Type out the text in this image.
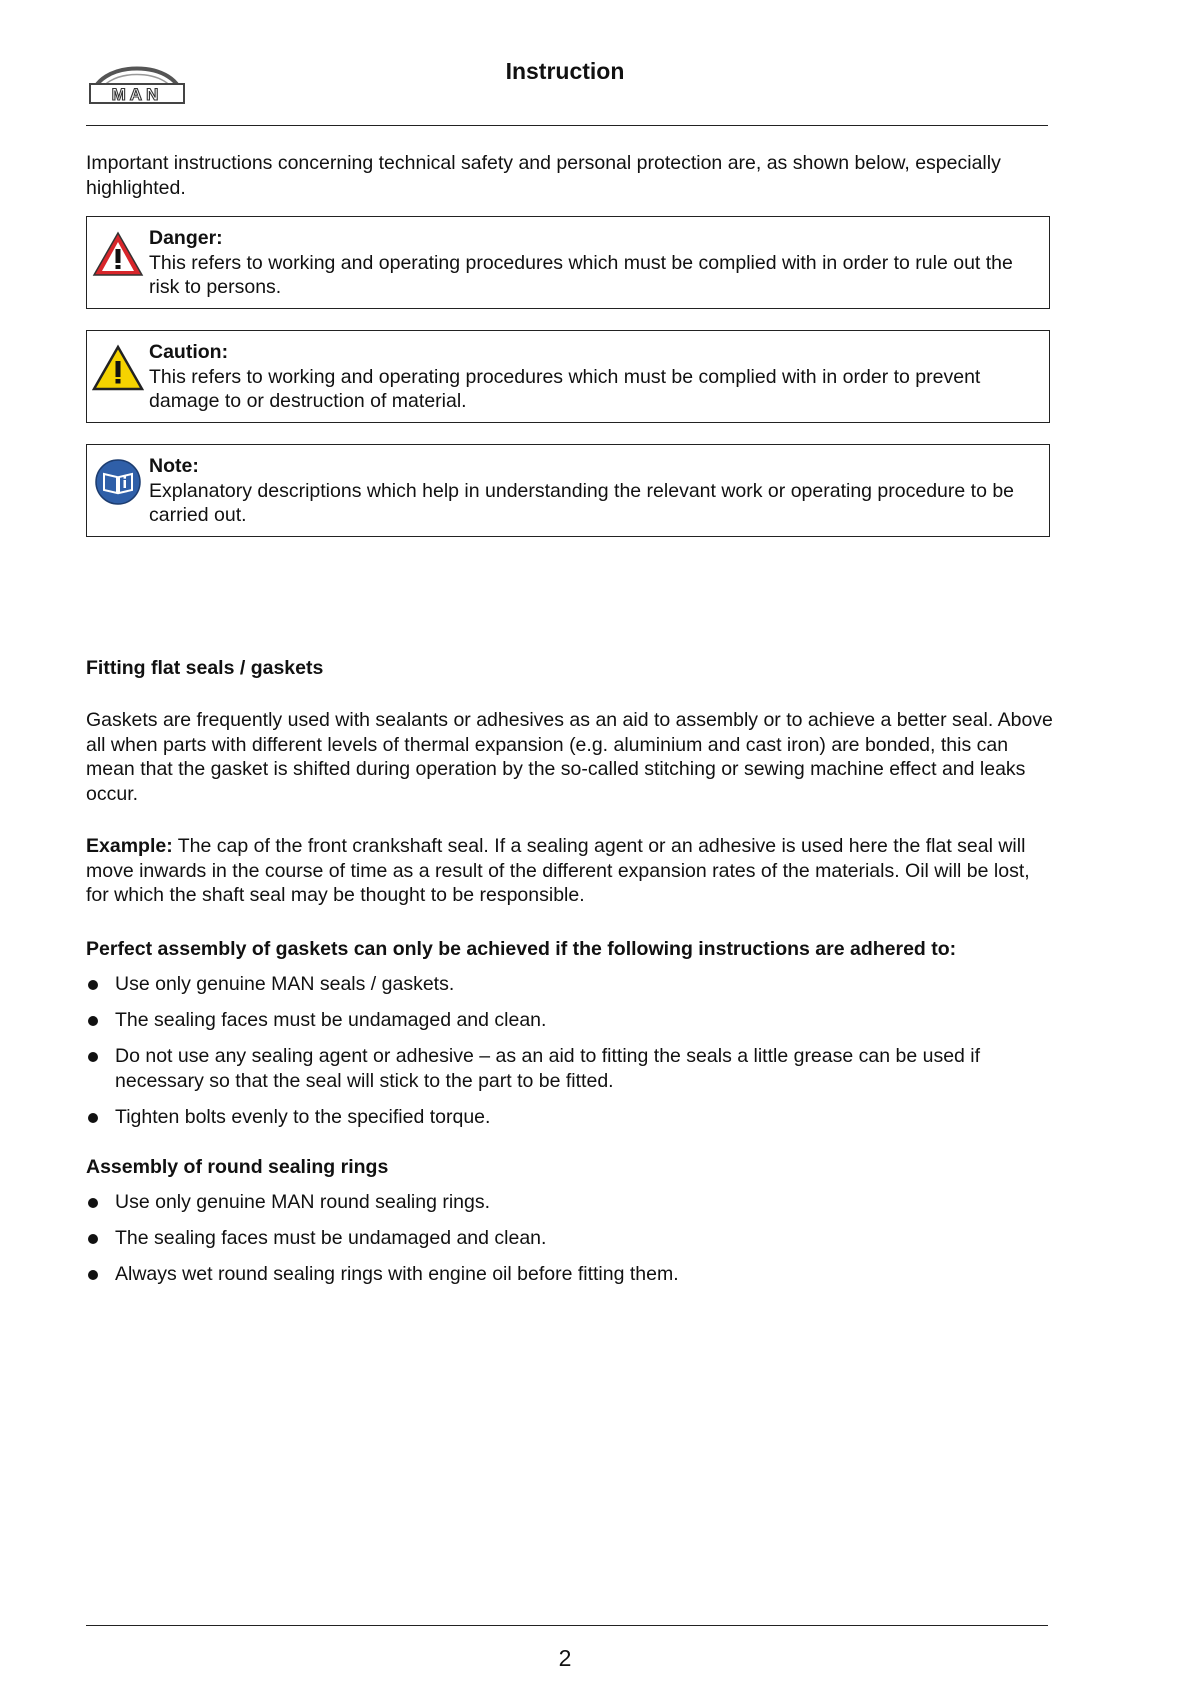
MAN
Instruction
Important instructions concerning technical safety and personal protection are, as shown below, especially highlighted.
Danger:
This refers to working and operating procedures which must be complied with in order to rule out the risk to persons.
Caution:
This refers to working and operating procedures which must be complied with in order to prevent damage to or destruction of material.
Note:
Explanatory descriptions which help in understanding the relevant work or operating procedure to be carried out.
Fitting flat seals / gaskets
Gaskets are frequently used with sealants or adhesives as an aid to assembly or to achieve a better seal. Above all when parts with different levels of thermal expansion (e.g. aluminium and cast iron) are bonded, this can mean that the gasket is shifted during operation by the so-called stitching or sewing machine effect and leaks occur.
Example: The cap of the front crankshaft seal. If a sealing agent or an adhesive is used here the flat seal will move inwards in the course of time as a result of the different expansion rates of the materials. Oil will be lost, for which the shaft seal may be thought to be responsible.
Perfect assembly of gaskets can only be achieved if the following instructions are adhered to:
Use only genuine MAN seals / gaskets.
The sealing faces must be undamaged and clean.
Do not use any sealing agent or adhesive – as an aid to fitting the seals a little grease can be used if necessary so that the seal will stick to the part to be fitted.
Tighten bolts evenly to the specified torque.
Assembly of round sealing rings
Use only genuine MAN round sealing rings.
The sealing faces must be undamaged and clean.
Always wet round sealing rings with engine oil before fitting them.
2
